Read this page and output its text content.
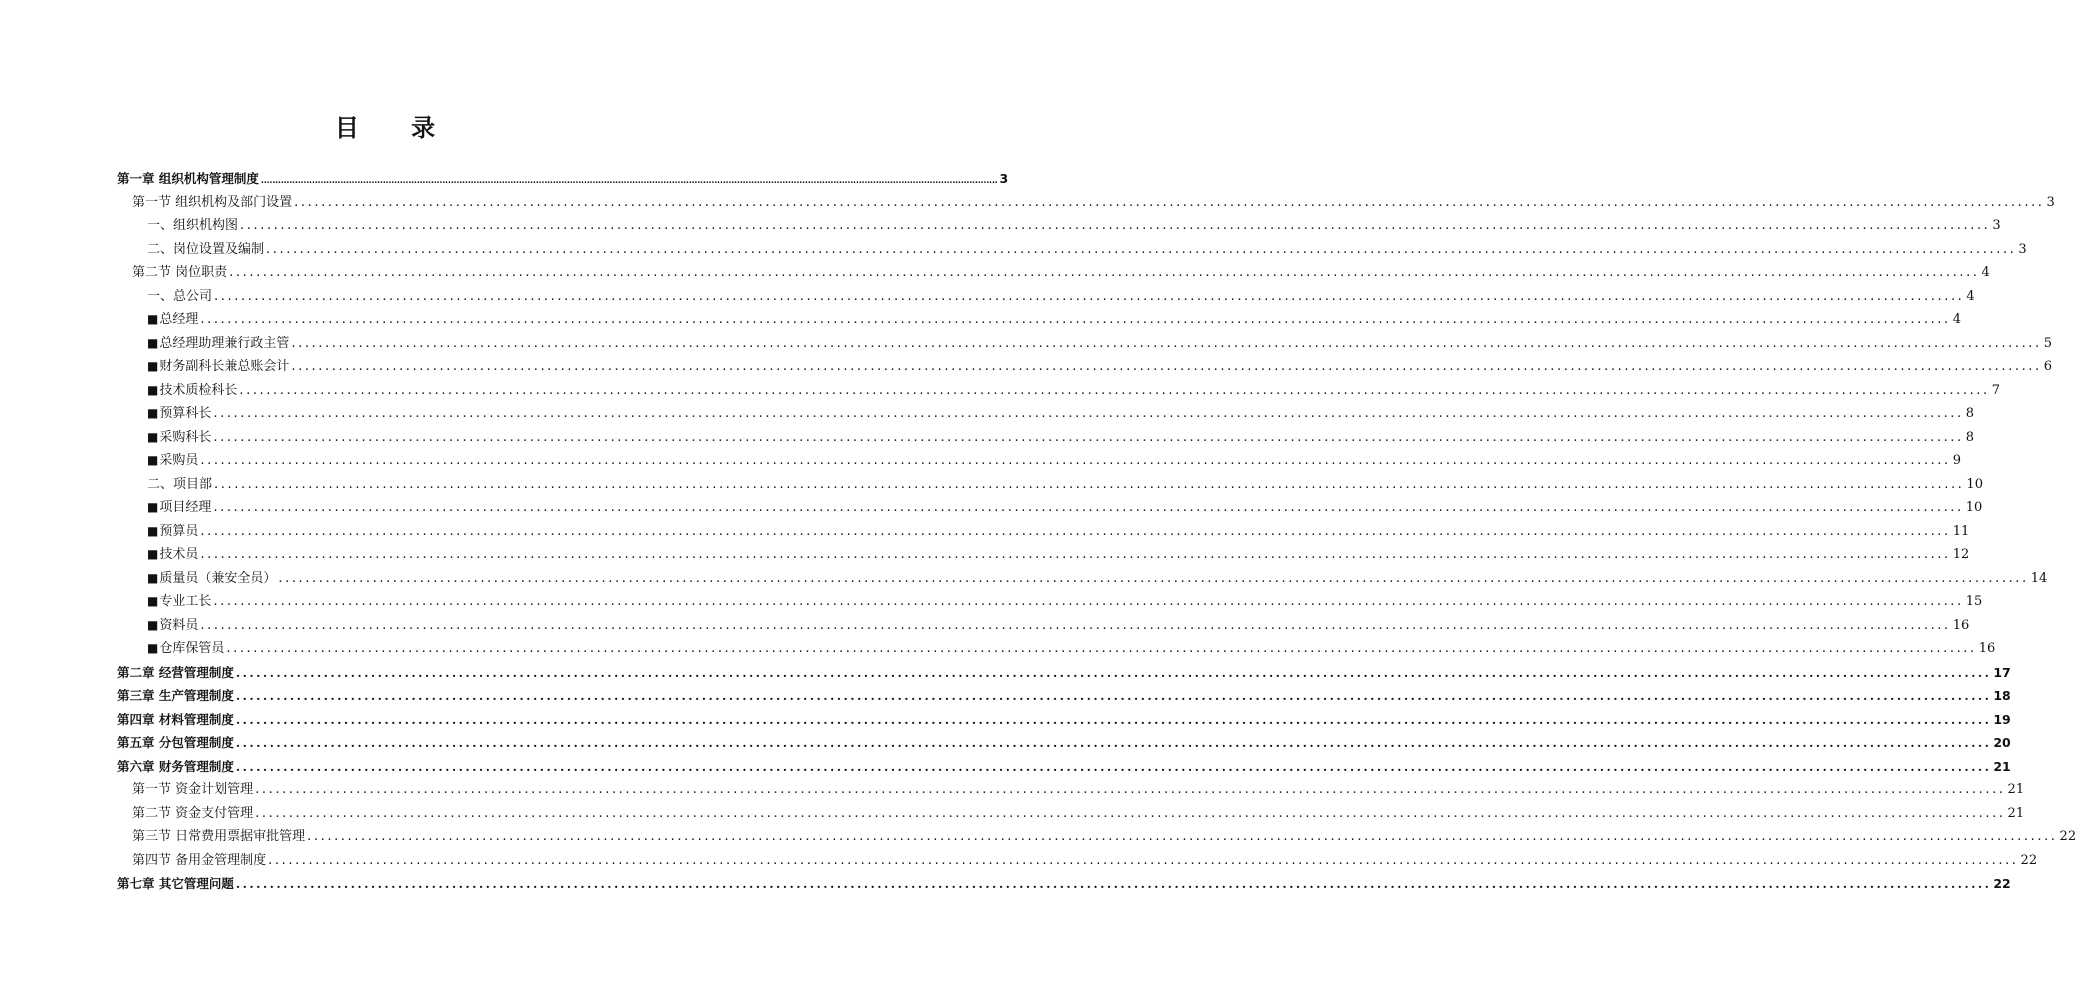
目 录
第一章 组织机构管理制度 .................................................................................................................................................................................................................................................................... 3
第一节 组织机构及部门设置 .................................................................................................................................................................................................................................................................... 3
一、组织机构图 .................................................................................................................................................................................................................................................................... 3
二、岗位设置及编制 .................................................................................................................................................................................................................................................................... 3
第二节 岗位职责 .................................................................................................................................................................................................................................................................... 4
一、总公司 .................................................................................................................................................................................................................................................................... 4
■总经理 .................................................................................................................................................................................................................................................................... 4
■总经理助理兼行政主管 .................................................................................................................................................................................................................................................................... 5
■财务副科长兼总账会计 .................................................................................................................................................................................................................................................................... 6
■技术质检科长 .................................................................................................................................................................................................................................................................... 7
■预算科长 .................................................................................................................................................................................................................................................................... 8
■采购科长 .................................................................................................................................................................................................................................................................... 8
■采购员 .................................................................................................................................................................................................................................................................... 9
二、项目部 .................................................................................................................................................................................................................................................................... 10
■项目经理 .................................................................................................................................................................................................................................................................... 10
■预算员 .................................................................................................................................................................................................................................................................... 11
■技术员 .................................................................................................................................................................................................................................................................... 12
■质量员（兼安全员） .................................................................................................................................................................................................................................................................... 14
■专业工长 .................................................................................................................................................................................................................................................................... 15
■资料员 .................................................................................................................................................................................................................................................................... 16
■仓库保管员 .................................................................................................................................................................................................................................................................... 16
第二章 经营管理制度 .................................................................................................................................................................................................................................................................... 17
第三章 生产管理制度 .................................................................................................................................................................................................................................................................... 18
第四章 材料管理制度 .................................................................................................................................................................................................................................................................... 19
第五章 分包管理制度 .................................................................................................................................................................................................................................................................... 20
第六章 财务管理制度 .................................................................................................................................................................................................................................................................... 21
第一节 资金计划管理 .................................................................................................................................................................................................................................................................... 21
第二节 资金支付管理 .................................................................................................................................................................................................................................................................... 21
第三节 日常费用票据审批管理 .................................................................................................................................................................................................................................................................... 22
第四节 备用金管理制度 .................................................................................................................................................................................................................................................................... 22
第七章 其它管理问题 .................................................................................................................................................................................................................................................................... 22
